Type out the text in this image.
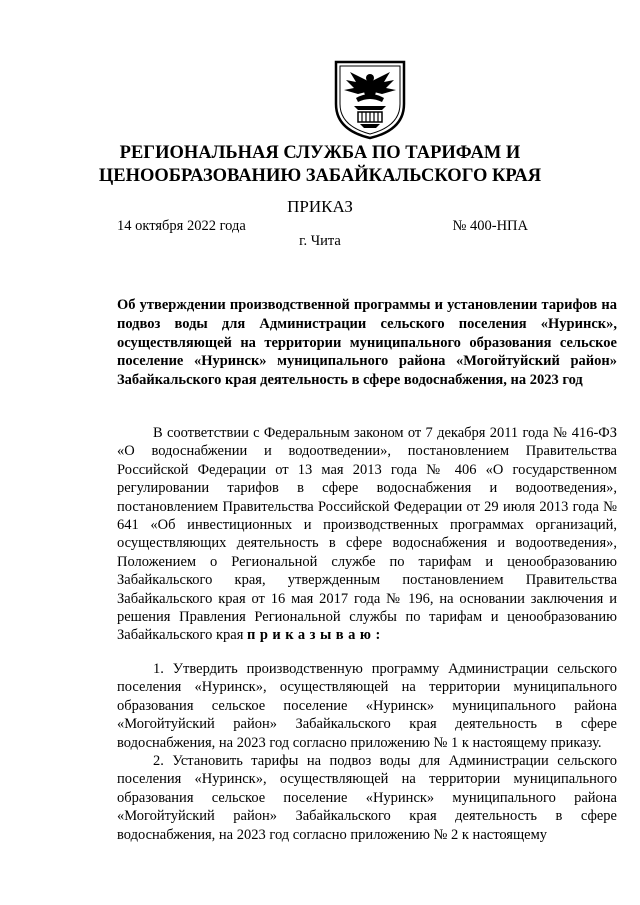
РЕГИОНАЛЬНАЯ СЛУЖБА ПО ТАРИФАМ И
ЦЕНООБРАЗОВАНИЮ ЗАБАЙКАЛЬСКОГО КРАЯ
ПРИКАЗ
14 октября 2022 года	№ 400-НПА
г. Чита
Об утверждении производственной программы и установлении тарифов на подвоз воды для Администрации сельского поселения «Нуринск», осуществляющей на территории муниципального образования сельское поселение «Нуринск» муниципального района «Могойтуйский район» Забайкальского края деятельность в сфере водоснабжения, на 2023 год

В соответствии с Федеральным законом от 7 декабря 2011 года № 416-ФЗ «О водоснабжении и водоотведении», постановлением Правительства Российской Федерации от 13 мая 2013 года № 406 «О государственном регулировании тарифов в сфере водоснабжения и водоотведения», постановлением Правительства Российской Федерации от 29 июля 2013 года № 641 «Об инвестиционных и производственных программах организаций, осуществляющих деятельность в сфере водоснабжения и водоотведения», Положением о Региональной службе по тарифам и ценообразованию Забайкальского края, утвержденным постановлением Правительства Забайкальского края от 16 мая 2017 года № 196, на основании заключения и решения Правления Региональной службы по тарифам и ценообразованию Забайкальского края приказываю:

1. Утвердить производственную программу Администрации сельского поселения «Нуринск», осуществляющей на территории муниципального образования сельское поселение «Нуринск» муниципального района «Могойтуйский район» Забайкальского края деятельность в сфере водоснабжения, на 2023 год согласно приложению № 1 к настоящему приказу.

2. Установить тарифы на подвоз воды для Администрации сельского поселения «Нуринск», осуществляющей на территории муниципального образования сельское поселение «Нуринск» муниципального района «Могойтуйский район» Забайкальского края деятельность в сфере водоснабжения, на 2023 год согласно приложению № 2 к настоящему
